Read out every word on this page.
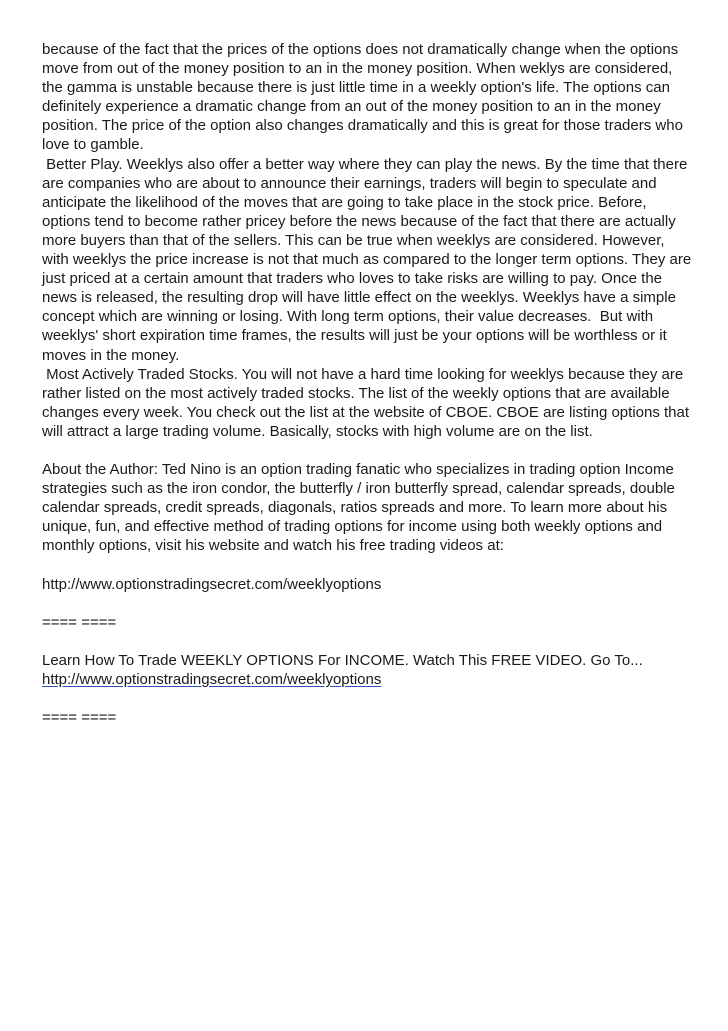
because of the fact that the prices of the options does not dramatically change when the options
move from out of the money position to an in the money position. When weklys are considered,
the gamma is unstable because there is just little time in a weekly option's life. The options can
definitely experience a dramatic change from an out of the money position to an in the money
position. The price of the option also changes dramatically and this is great for those traders who
love to gamble.
Better Play. Weeklys also offer a better way where they can play the news. By the time that there
are companies who are about to announce their earnings, traders will begin to speculate and
anticipate the likelihood of the moves that are going to take place in the stock price. Before,
options tend to become rather pricey before the news because of the fact that there are actually
more buyers than that of the sellers. This can be true when weeklys are considered. However,
with weeklys the price increase is not that much as compared to the longer term options. They are
just priced at a certain amount that traders who loves to take risks are willing to pay. Once the
news is released, the resulting drop will have little effect on the weeklys. Weeklys have a simple
concept which are winning or losing. With long term options, their value decreases.  But with
weeklys' short expiration time frames, the results will just be your options will be worthless or it
moves in the money.
Most Actively Traded Stocks. You will not have a hard time looking for weeklys because they are
rather listed on the most actively traded stocks. The list of the weekly options that are available
changes every week. You check out the list at the website of CBOE. CBOE are listing options that
will attract a large trading volume. Basically, stocks with high volume are on the list.
About the Author: Ted Nino is an option trading fanatic who specializes in trading option Income
strategies such as the iron condor, the butterfly / iron butterfly spread, calendar spreads, double
calendar spreads, credit spreads, diagonals, ratios spreads and more. To learn more about his
unique, fun, and effective method of trading options for income using both weekly options and
monthly options, visit his website and watch his free trading videos at:
http://www.optionstradingsecret.com/weeklyoptions
==== ====
Learn How To Trade WEEKLY OPTIONS For INCOME. Watch This FREE VIDEO. Go To...
http://www.optionstradingsecret.com/weeklyoptions
==== ====
